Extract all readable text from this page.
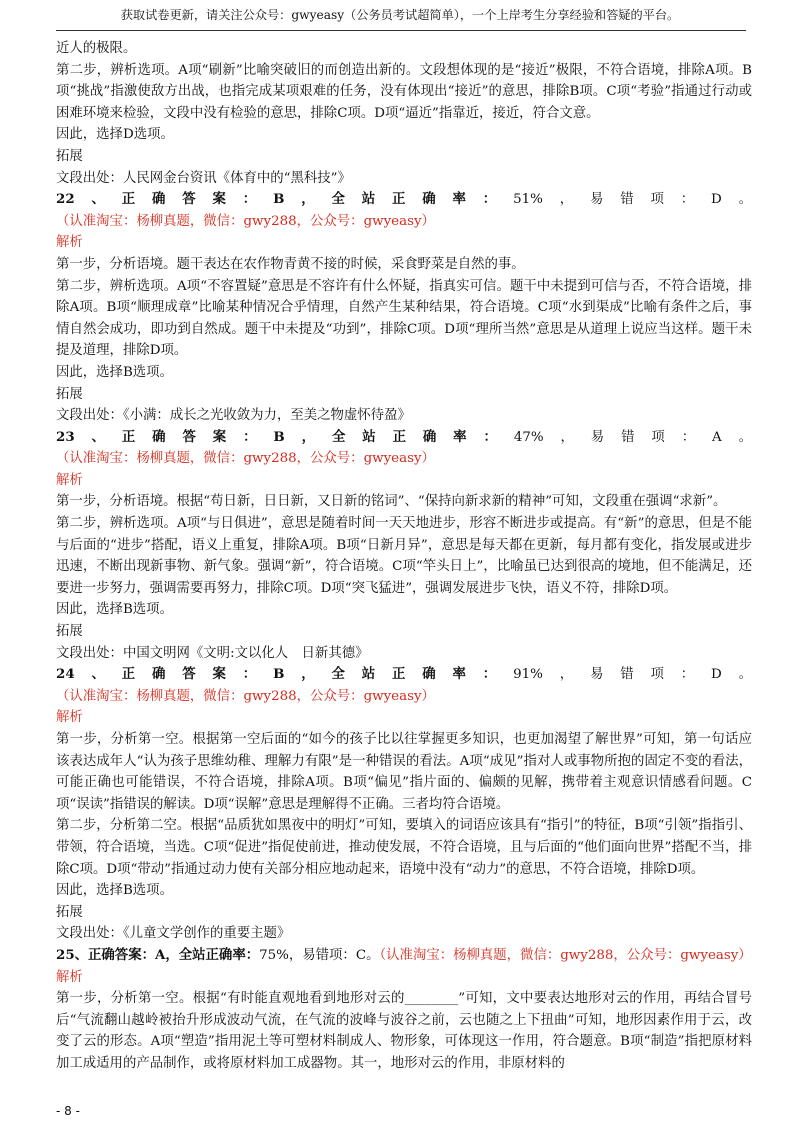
获取试卷更新，请关注公众号：gwyeasy（公务员考试超简单），一个上岸考生分享经验和答疑的平台。

近人的极限。

第二步，辨析选项。A项“刷新”比喻突破旧的而创造出新的。文段想体现的是“接近”极限，不符合语境，排除A项。B项“挑战”指激使敌方出战，也指完成某项艰难的任务，没有体现出“接近”的意思，排除B项。C项“考验”指通过行动或困难环境来检验，文段中没有检验的意思，排除C项。D项“逼近”指靠近，接近，符合文意。

因此，选择D选项。

拓展

文段出处：人民网金台资讯《体育中的“黑科技”》

22、正确答案：B，全站正确率：51%，易错项：D。（认准淘宝：杨柳真题，微信：gwy288，公众号：gwyeasy）

解析

第一步，分析语境。题干表达在农作物青黄不接的时候，采食野菜是自然的事。

第二步，辨析选项。A项“不容置疑”意思是不容许有什么怀疑，指真实可信。题干中未提到可信与否，不符合语境，排除A项。B项“顺理成章”比喻某种情况合乎情理，自然产生某种结果，符合语境。C项“水到渠成”比喻有条件之后，事情自然会成功，即功到自然成。题干中未提及“功到”，排除C项。D项“理所当然”意思是从道理上说应当这样。题干未提及道理，排除D项。

因此，选择B选项。

拓展

文段出处：《小满：成长之光收敛为力，至美之物虚怀待盈》

23、正确答案：B，全站正确率：47%，易错项：A。（认准淘宝：杨柳真题，微信：gwy288，公众号：gwyeasy）

解析

第一步，分析语境。根据“苟日新，日日新，又日新的铭词”、“保持向新求新的精神”可知，文段重在强调“求新”。

第二步，辨析选项。A项“与日俱进”，意思是随着时间一天天地进步，形容不断进步或提高。有“新”的意思，但是不能与后面的“进步”搭配，语义上重复，排除A项。B项“日新月异”，意思是每天都在更新，每月都有变化，指发展或进步迅速，不断出现新事物、新气象。强调“新”，符合语境。C项“竿头日上”，比喻虽已达到很高的境地，但不能满足，还要进一步努力，强调需要再努力，排除C项。D项“突飞猛进”，强调发展进步飞快，语义不符，排除D项。

因此，选择B选项。

拓展

文段出处：中国文明网《文明:文以化人　日新其德》

24、正确答案：B，全站正确率：91%，易错项：D。（认准淘宝：杨柳真题，微信：gwy288，公众号：gwyeasy）

解析

第一步，分析第一空。根据第一空后面的“如今的孩子比以往掌握更多知识，也更加渴望了解世界”可知，第一句话应该表达成年人“认为孩子思维幼稚、理解力有限”是一种错误的看法。A项“成见”指对人或事物所抱的固定不变的看法，可能正确也可能错误，不符合语境，排除A项。B项“偏见”指片面的、偏颇的见解，携带着主观意识情感看问题。C项“误读”指错误的解读。D项“误解”意思是理解得不正确。三者均符合语境。

第二步，分析第二空。根据“品质犹如黑夜中的明灯”可知，要填入的词语应该具有“指引”的特征，B项“引领”指指引、带领，符合语境，当选。C项“促进”指促使前进，推动使发展，不符合语境，且与后面的“他们面向世界”搭配不当，排除C项。D项“带动”指通过动力使有关部分相应地动起来，语境中没有“动力”的意思，不符合语境，排除D项。

因此，选择B选项。

拓展

文段出处：《儿童文学创作的重要主题》

25、正确答案：A，全站正确率：75%，易错项：C。（认准淘宝：杨柳真题，微信：gwy288，公众号：gwyeasy）

解析

第一步，分析第一空。根据“有时能直观地看到地形对云的________”可知，文中要表达地形对云的作用，再结合冒号后“气流翻山越岭被抬升形成波动气流，在气流的波峰与波谷之前，云也随之上下扭曲”可知，地形因素作用于云，改变了云的形态。A项“塑造”指用泥土等可塑材料制成人、物形象，可体现这一作用，符合题意。B项“制造”指把原材料加工成适用的产品制作，或将原材料加工成器物。其一，地形对云的作用，非原材料的

- 8 -
